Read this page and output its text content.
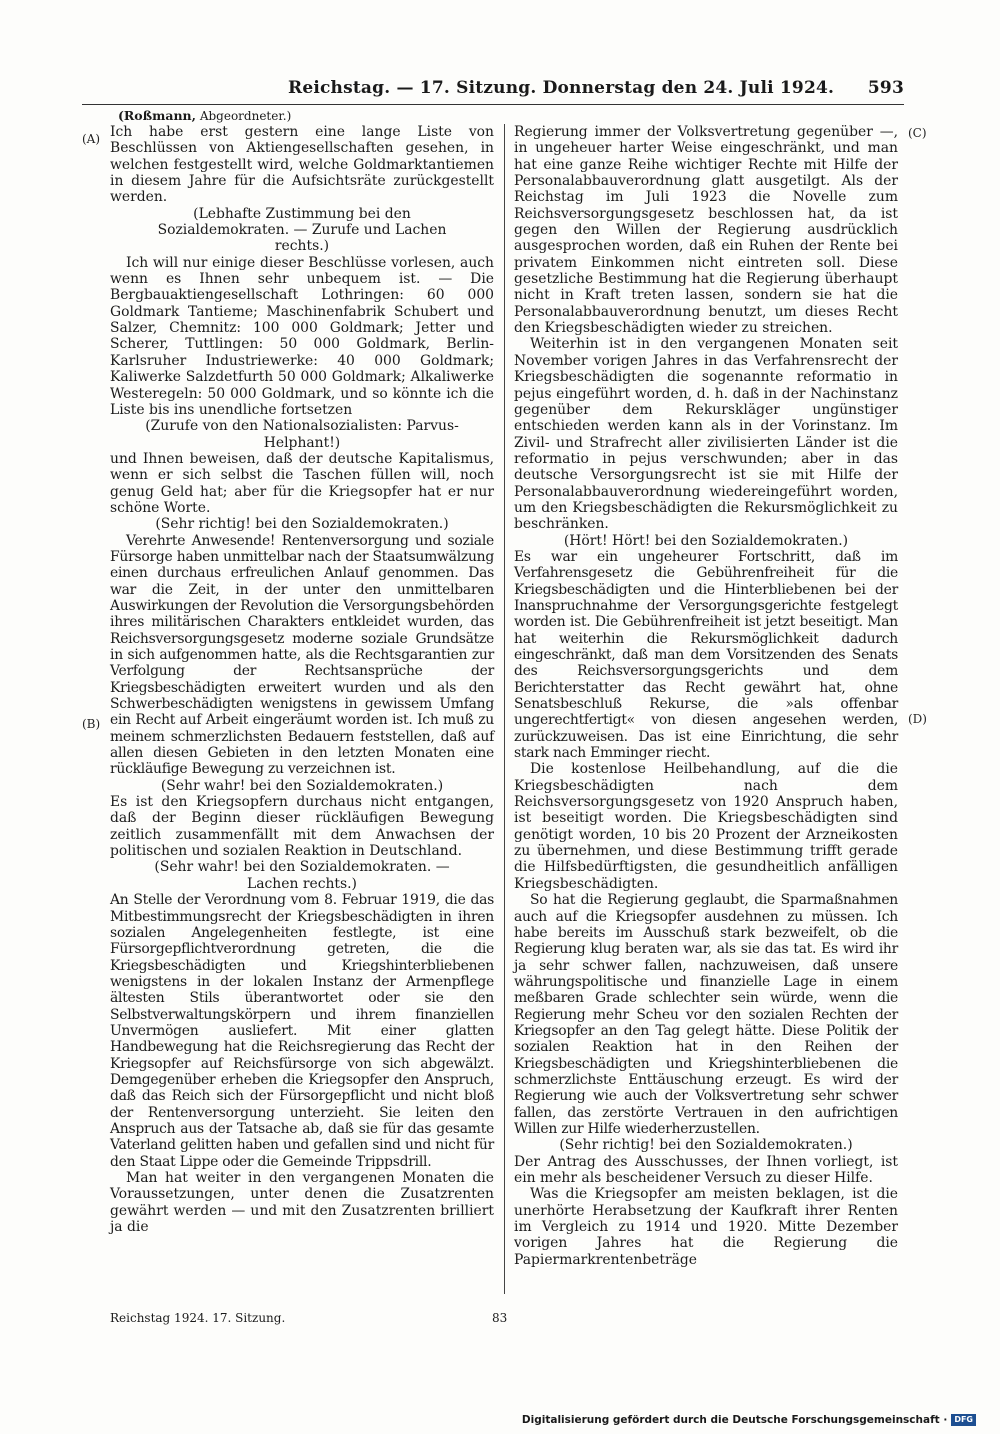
Reichstag. — 17. Sitzung. Donnerstag den 24. Juli 1924. 593
(Roßmann, Abgeordneter.)
(A)
(B)
(C)
(D)

Ich habe erst gestern eine lange Liste von Beschlüssen von Aktiengesellschaften gesehen, in welchen festgestellt wird, welche Goldmarktantiemen in diesem Jahre für die Aufsichtsräte zurückgestellt werden.

(Lebhafte Zustimmung bei den Sozialdemokraten. — Zurufe und Lachen rechts.)

Ich will nur einige dieser Beschlüsse vorlesen, auch wenn es Ihnen sehr unbequem ist. — Die Bergbauaktiengesellschaft Lothringen: 60 000 Goldmark Tantieme; Maschinenfabrik Schubert und Salzer, Chemnitz: 100 000 Goldmark; Jetter und Scherer, Tuttlingen: 50 000 Goldmark, Berlin-Karlsruher Industriewerke: 40 000 Goldmark; Kaliwerke Salzdetfurth 50 000 Goldmark; Alkaliwerke Westeregeln: 50 000 Goldmark, und so könnte ich die Liste bis ins unendliche fortsetzen

(Zurufe von den Nationalsozialisten: Parvus-Helphant!)

und Ihnen beweisen, daß der deutsche Kapitalismus, wenn er sich selbst die Taschen füllen will, noch genug Geld hat; aber für die Kriegsopfer hat er nur schöne Worte.

(Sehr richtig! bei den Sozialdemokraten.)

Verehrte Anwesende! Rentenversorgung und soziale Fürsorge haben unmittelbar nach der Staatsumwälzung einen durchaus erfreulichen Anlauf genommen. Das war die Zeit, in der unter den unmittelbaren Auswirkungen der Revolution die Versorgungsbehörden ihres militärischen Charakters entkleidet wurden, das Reichsversorgungsgesetz moderne soziale Grundsätze in sich aufgenommen hatte, als die Rechtsgarantien zur Verfolgung der Rechtsansprüche der Kriegsbeschädigten erweitert wurden und als den Schwerbeschädigten wenigstens in gewissem Umfang ein Recht auf Arbeit eingeräumt worden ist. Ich muß zu meinem schmerzlichsten Bedauern feststellen, daß auf allen diesen Gebieten in den letzten Monaten eine rückläufige Bewegung zu verzeichnen ist.

(Sehr wahr! bei den Sozialdemokraten.)

Es ist den Kriegsopfern durchaus nicht entgangen, daß der Beginn dieser rückläufigen Bewegung zeitlich zusammenfällt mit dem Anwachsen der politischen und sozialen Reaktion in Deutschland.

(Sehr wahr! bei den Sozialdemokraten. — Lachen rechts.)

An Stelle der Verordnung vom 8. Februar 1919, die das Mitbestimmungsrecht der Kriegsbeschädigten in ihren sozialen Angelegenheiten festlegte, ist eine Fürsorgepflichtverordnung getreten, die die Kriegsbeschädigten und Kriegshinterbliebenen wenigstens in der lokalen Instanz der Armenpflege ältesten Stils überantwortet oder sie den Selbstverwaltungskörpern und ihrem finanziellen Unvermögen ausliefert. Mit einer glatten Handbewegung hat die Reichsregierung das Recht der Kriegsopfer auf Reichsfürsorge von sich abgewälzt. Demgegenüber erheben die Kriegsopfer den Anspruch, daß das Reich sich der Fürsorgepflicht und nicht bloß der Rentenversorgung unterzieht. Sie leiten den Anspruch aus der Tatsache ab, daß sie für das gesamte Vaterland gelitten haben und gefallen sind und nicht für den Staat Lippe oder die Gemeinde Trippsdrill.

Man hat weiter in den vergangenen Monaten die Voraussetzungen, unter denen die Zusatzrenten gewährt werden — und mit den Zusatzrenten brilliert ja die

Regierung immer der Volksvertretung gegenüber —, in ungeheuer harter Weise eingeschränkt, und man hat eine ganze Reihe wichtiger Rechte mit Hilfe der Personalabbauverordnung glatt ausgetilgt. Als der Reichstag im Juli 1923 die Novelle zum Reichsversorgungsgesetz beschlossen hat, da ist gegen den Willen der Regierung ausdrücklich ausgesprochen worden, daß ein Ruhen der Rente bei privatem Einkommen nicht eintreten soll. Diese gesetzliche Bestimmung hat die Regierung überhaupt nicht in Kraft treten lassen, sondern sie hat die Personalabbauverordnung benutzt, um dieses Recht den Kriegsbeschädigten wieder zu streichen.

Weiterhin ist in den vergangenen Monaten seit November vorigen Jahres in das Verfahrensrecht der Kriegsbeschädigten die sogenannte reformatio in pejus eingeführt worden, d. h. daß in der Nachinstanz gegenüber dem Rekurskläger ungünstiger entschieden werden kann als in der Vorinstanz. Im Zivil- und Strafrecht aller zivilisierten Länder ist die reformatio in pejus verschwunden; aber in das deutsche Versorgungsrecht ist sie mit Hilfe der Personalabbauverordnung wiedereingeführt worden, um den Kriegsbeschädigten die Rekursmöglichkeit zu beschränken.

(Hört! Hört! bei den Sozialdemokraten.)

Es war ein ungeheurer Fortschritt, daß im Verfahrensgesetz die Gebührenfreiheit für die Kriegsbeschädigten und die Hinterbliebenen bei der Inanspruchnahme der Versorgungsgerichte festgelegt worden ist. Die Gebührenfreiheit ist jetzt beseitigt. Man hat weiterhin die Rekursmöglichkeit dadurch eingeschränkt, daß man dem Vorsitzenden des Senats des Reichsversorgungsgerichts und dem Berichterstatter das Recht gewährt hat, ohne Senatsbeschluß Rekurse, die »als offenbar ungerechtfertigt« von diesen angesehen werden, zurückzuweisen. Das ist eine Einrichtung, die sehr stark nach Emminger riecht.

Die kostenlose Heilbehandlung, auf die die Kriegsbeschädigten nach dem Reichsversorgungsgesetz von 1920 Anspruch haben, ist beseitigt worden. Die Kriegsbeschädigten sind genötigt worden, 10 bis 20 Prozent der Arzneikosten zu übernehmen, und diese Bestimmung trifft gerade die Hilfsbedürftigsten, die gesundheitlich anfälligen Kriegsbeschädigten.

So hat die Regierung geglaubt, die Sparmaßnahmen auch auf die Kriegsopfer ausdehnen zu müssen. Ich habe bereits im Ausschuß stark bezweifelt, ob die Regierung klug beraten war, als sie das tat. Es wird ihr ja sehr schwer fallen, nachzuweisen, daß unsere währungspolitische und finanzielle Lage in einem meßbaren Grade schlechter sein würde, wenn die Regierung mehr Scheu vor den sozialen Rechten der Kriegsopfer an den Tag gelegt hätte. Diese Politik der sozialen Reaktion hat in den Reihen der Kriegsbeschädigten und Kriegshinterbliebenen die schmerzlichste Enttäuschung erzeugt. Es wird der Regierung wie auch der Volksvertretung sehr schwer fallen, das zerstörte Vertrauen in den aufrichtigen Willen zur Hilfe wiederherzustellen.

(Sehr richtig! bei den Sozialdemokraten.)

Der Antrag des Ausschusses, der Ihnen vorliegt, ist ein mehr als bescheidener Versuch zu dieser Hilfe.

Was die Kriegsopfer am meisten beklagen, ist die unerhörte Herabsetzung der Kaufkraft ihrer Renten im Vergleich zu 1914 und 1920. Mitte Dezember vorigen Jahres hat die Regierung die Papiermarkrentenbeträge

Reichstag 1924. 17. Sitzung.	83
Digitalisierung gefördert durch die Deutsche Forschungsgemeinschaft · DFG
